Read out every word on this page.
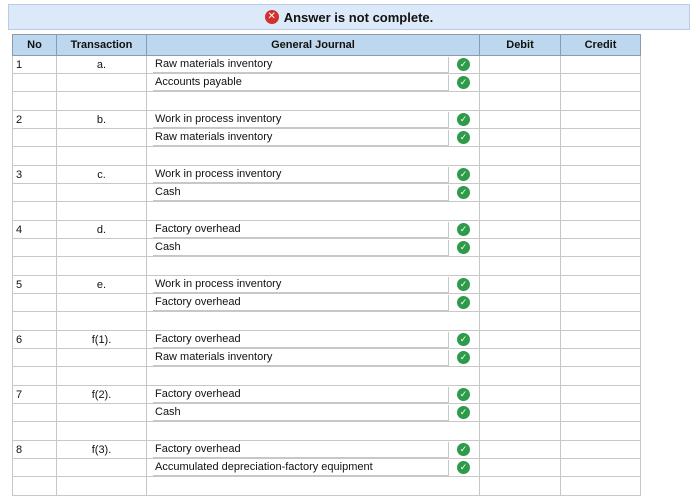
✕ Answer is not complete.
No	Transaction	General Journal	Debit	Credit
1	a.	Raw materials inventory ✓		

Accounts payable ✓		

2	b.	Work in process inventory ✓		

Raw materials inventory ✓		

3	c.	Work in process inventory ✓		

Cash ✓		

4	d.	Factory overhead ✓		

Cash ✓		

5	e.	Work in process inventory ✓		

Factory overhead ✓		

6	f(1).	Factory overhead ✓		

Raw materials inventory ✓		

7	f(2).	Factory overhead ✓		

Cash ✓		

8	f(3).	Factory overhead ✓		

Accumulated depreciation-factory equipment ✓		
